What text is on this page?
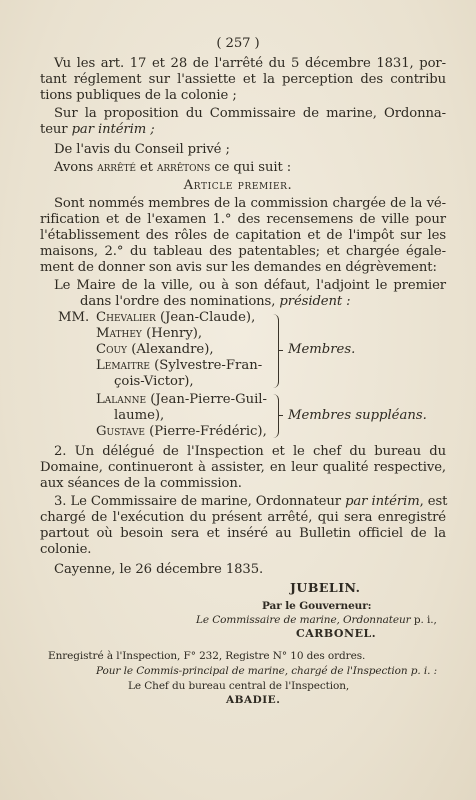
( 257 )
Vu les art. 17 et 28 de l'arrêté du 5 décembre 1831, por-
tant réglement sur l'assiette et la perception des contribu
tions publiques de la colonie ;
Sur la proposition du Commissaire de marine, Ordonna-
teur par intérim ;
De l'avis du Conseil privé ;
Avons arrêté et arrêtons ce qui suit :
Article premier.
Sont nommés membres de la commission chargée de la vé-
rification et de l'examen 1.° des recensemens de ville pour
l'établissement des rôles de capitation et de l'impôt sur les
maisons, 2.° du tableau des patentables; et chargée égale-
ment de donner son avis sur les demandes en dégrèvement:
Le Maire de la ville, ou à son défaut, l'adjoint le premier
dans l'ordre des nominations, président :
MM. Chevalier (Jean-Claude),
Mathey (Henry),
Couy (Alexandre),
Lemaitre (Sylvestre-Fran-
çois-Victor),
Membres.
Lalanne (Jean-Pierre-Guil-
laume),
Gustave (Pierre-Frédéric),
Membres suppléans.
2. Un délégué de l'Inspection et le chef du bureau du
Domaine, continueront à assister, en leur qualité respective,
aux séances de la commission.
3. Le Commissaire de marine, Ordonnateur par intérim, est
chargé de l'exécution du présent arrêté, qui sera enregistré
partout où besoin sera et inséré au Bulletin officiel de la
colonie.
Cayenne, le 26 décembre 1835.
JUBELIN.
Par le Gouverneur:
Le Commissaire de marine, Ordonnateur p. i.,
CARBONEL.
Enregistré à l'Inspection, F° 232, Registre N° 10 des ordres.
Pour le Commis-principal de marine, chargé de l'Inspection p. i. :
Le Chef du bureau central de l'Inspection,
ABADIE.
